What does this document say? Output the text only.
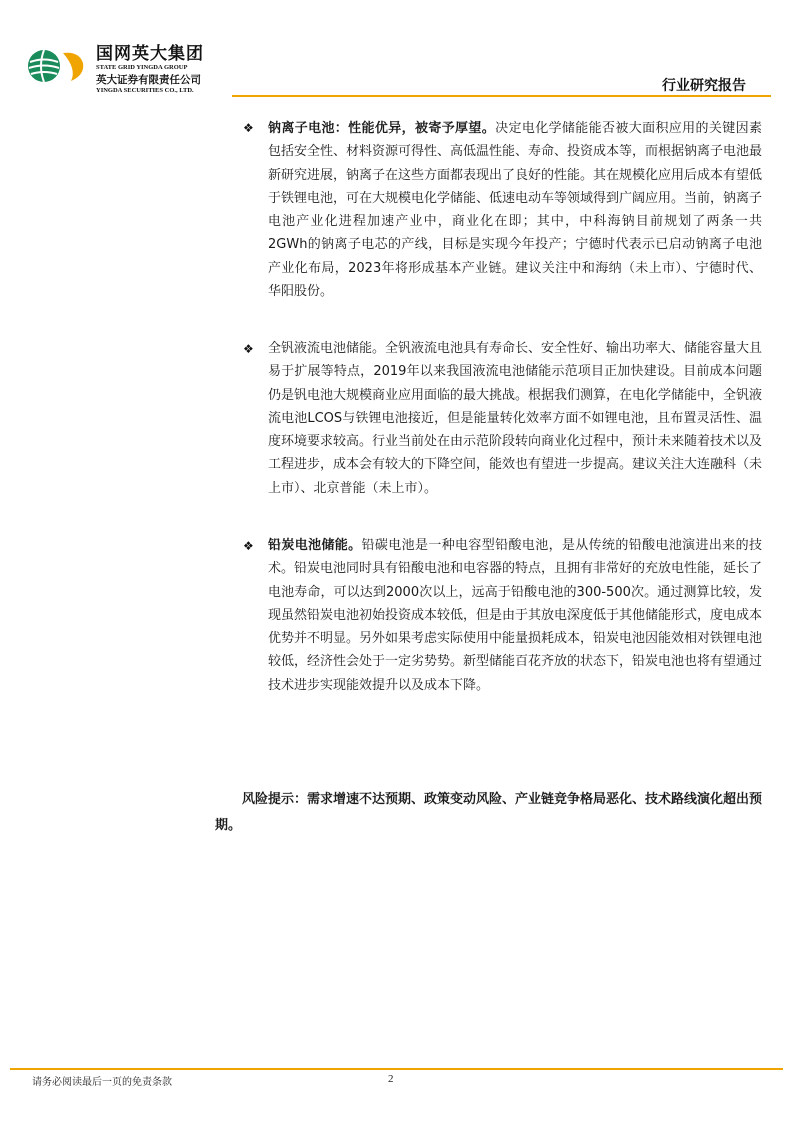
国网英大集团
STATE GRID YINGDA GROUP
英大证券有限责任公司
YINGDA SECURITIES CO., LTD.	行业研究报告
❖ 钠离子电池：性能优异，被寄予厚望。决定电化学储能能否被大面积应用的关键因素包括安全性、材料资源可得性、高低温性能、寿命、投资成本等，而根据钠离子电池最新研究进展，钠离子在这些方面都表现出了良好的性能。其在规模化应用后成本有望低于铁锂电池，可在大规模电化学储能、低速电动车等领域得到广阔应用。当前，钠离子电池产业化进程加速产业中，商业化在即；其中，中科海钠目前规划了两条一共2GWh的钠离子电芯的产线，目标是实现今年投产；宁德时代表示已启动钠离子电池产业化布局，2023年将形成基本产业链。建议关注中和海纳（未上市）、宁德时代、华阳股份。
❖ 全钒液流电池储能。全钒液流电池具有寿命长、安全性好、输出功率大、储能容量大且易于扩展等特点，2019年以来我国液流电池储能示范项目正加快建设。目前成本问题仍是钒电池大规模商业应用面临的最大挑战。根据我们测算，在电化学储能中，全钒液流电池LCOS与铁锂电池接近，但是能量转化效率方面不如锂电池，且布置灵活性、温度环境要求较高。行业当前处在由示范阶段转向商业化过程中，预计未来随着技术以及工程进步，成本会有较大的下降空间，能效也有望进一步提高。建议关注大连融科（未上市）、北京普能（未上市）。
❖ 铅炭电池储能。铅碳电池是一种电容型铅酸电池，是从传统的铅酸电池演进出来的技术。铅炭电池同时具有铅酸电池和电容器的特点，且拥有非常好的充放电性能，延长了电池寿命，可以达到2000次以上，远高于铅酸电池的300-500次。通过测算比较，发现虽然铅炭电池初始投资成本较低，但是由于其放电深度低于其他储能形式，度电成本优势并不明显。另外如果考虑实际使用中能量损耗成本，铅炭电池因能效相对铁锂电池较低，经济性会处于一定劣势势。新型储能百花齐放的状态下，铅炭电池也将有望通过技术进步实现能效提升以及成本下降。
风险提示：需求增速不达预期、政策变动风险、产业链竞争格局恶化、技术路线演化超出预期。
请务必阅读最后一页的免责条款	2
